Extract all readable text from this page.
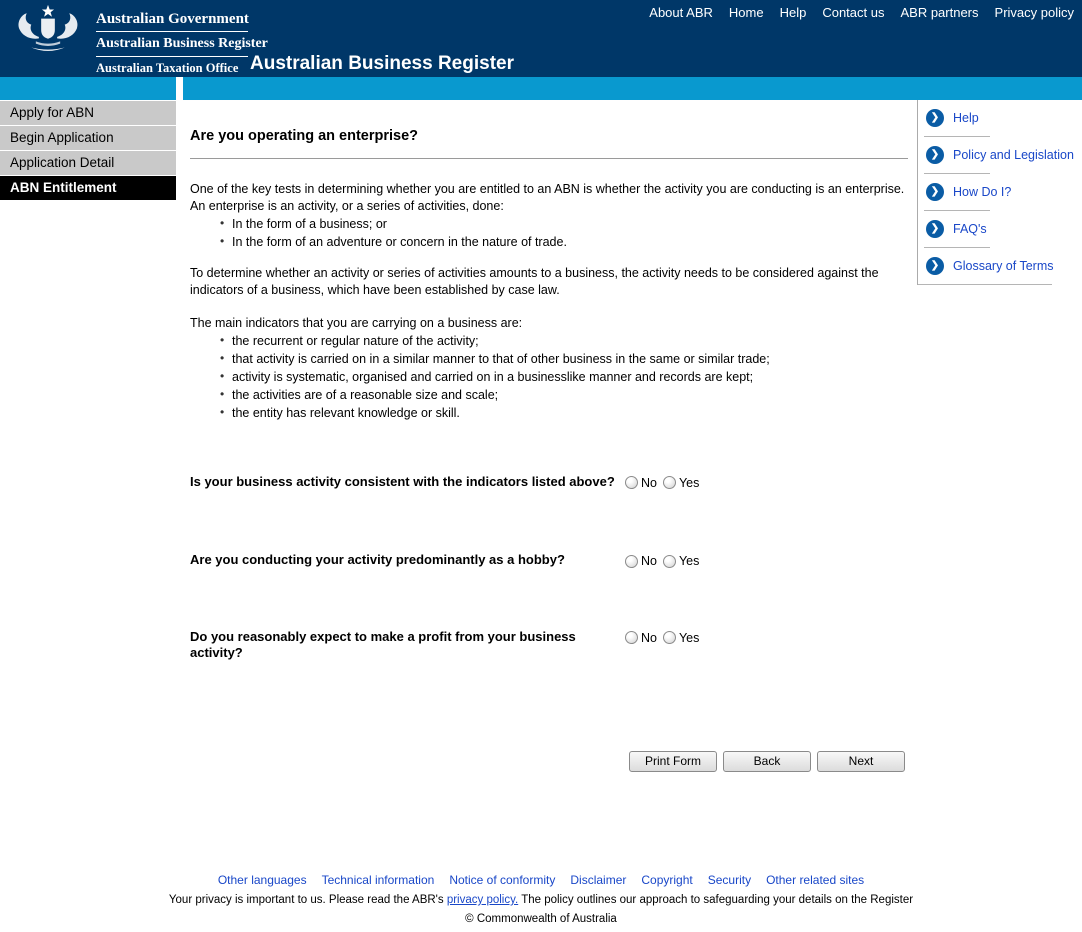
About ABR Home Help Contact us ABR partners Privacy policy
Australian Government
Australian Business Register
Australian Taxation Office Australian Business Register
Apply for ABN
Begin Application
Application Detail
ABN Entitlement
Are you operating an enterprise?

One of the key tests in determining whether you are entitled to an ABN is whether the activity you are conducting is an enterprise. An enterprise is an activity, or a series of activities, done:

• In the form of a business; or
• In the form of an adventure or concern in the nature of trade.

To determine whether an activity or series of activities amounts to a business, the activity needs to be considered against the indicators of a business, which have been established by case law.

The main indicators that you are carrying on a business are:

• the recurrent or regular nature of the activity;
• that activity is carried on in a similar manner to that of other business in the same or similar trade;
• activity is systematic, organised and carried on in a businesslike manner and records are kept;
• the activities are of a reasonable size and scale;
• the entity has relevant knowledge or skill.
Is your business activity consistent with the indicators listed above?	No Yes
Are you conducting your activity predominantly as a hobby?	No Yes
Do you reasonably expect to make a profit from your business activity?
No Yes
Print Form	Back	Next
❯	Help
❯	Policy and Legislation
❯	How Do I?
❯	FAQ's
❯	Glossary of Terms
Other languages Technical information Notice of conformity Disclaimer Copyright Security Other related sites
Your privacy is important to us. Please read the ABR's privacy policy. The policy outlines our approach to safeguarding your details on the Register
© Commonwealth of Australia
